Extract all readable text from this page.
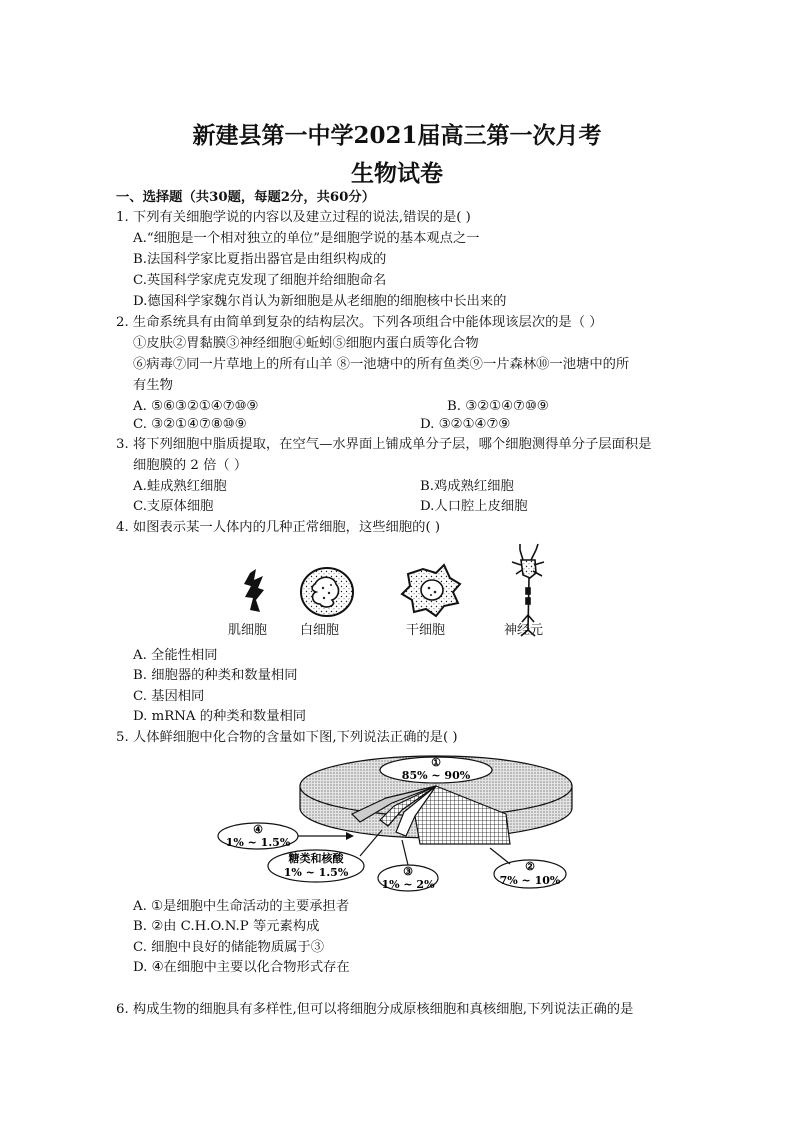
新建县第一中学2021届高三第一次月考
生物试卷
一、选择题（共30题，每题2分，共60分）
1. 下列有关细胞学说的内容以及建立过程的说法,错误的是( )
A.“细胞是一个相对独立的单位”是细胞学说的基本观点之一
B.法国科学家比夏指出器官是由组织构成的
C.英国科学家虎克发现了细胞并给细胞命名
D.德国科学家魏尔肖认为新细胞是从老细胞的细胞核中长出来的
2. 生命系统具有由简单到复杂的结构层次。下列各项组合中能体现该层次的是（ ）
①皮肤②胃黏膜③神经细胞④蚯蚓⑤细胞内蛋白质等化合物
⑥病毒⑦同一片草地上的所有山羊 ⑧一池塘中的所有鱼类⑨一片森林⑩一池塘中的所
有生物
A. ⑤⑥③②①④⑦⑩⑨	B. ③②①④⑦⑩⑨
C. ③②①④⑦⑧⑩⑨	D. ③②①④⑦⑨
3. 将下列细胞中脂质提取，在空气—水界面上铺成单分子层，哪个细胞测得单分子层面积是
细胞膜的 2 倍（ ）
A.蛙成熟红细胞	B.鸡成熟红细胞
C.支原体细胞	D.人口腔上皮细胞
4. 如图表示某一人体内的几种正常细胞，这些细胞的( )
肌细胞	白细胞	干细胞	神经元
A. 全能性相同
B. 细胞器的种类和数量相同
C. 基因相同
D. mRNA 的种类和数量相同
5. 人体鲜细胞中化合物的含量如下图,下列说法正确的是( )
①
85% ~ 90%
④
1% ~ 1.5%
糖类和核酸
1% ~ 1.5%	③
1% ~ 2%
②
7% ~ 10%
A. ①是细胞中生命活动的主要承担者
B. ②由 C.H.O.N.P 等元素构成
C. 细胞中良好的储能物质属于③
D. ④在细胞中主要以化合物形式存在
6. 构成生物的细胞具有多样性,但可以将细胞分成原核细胞和真核细胞,下列说法正确的是
